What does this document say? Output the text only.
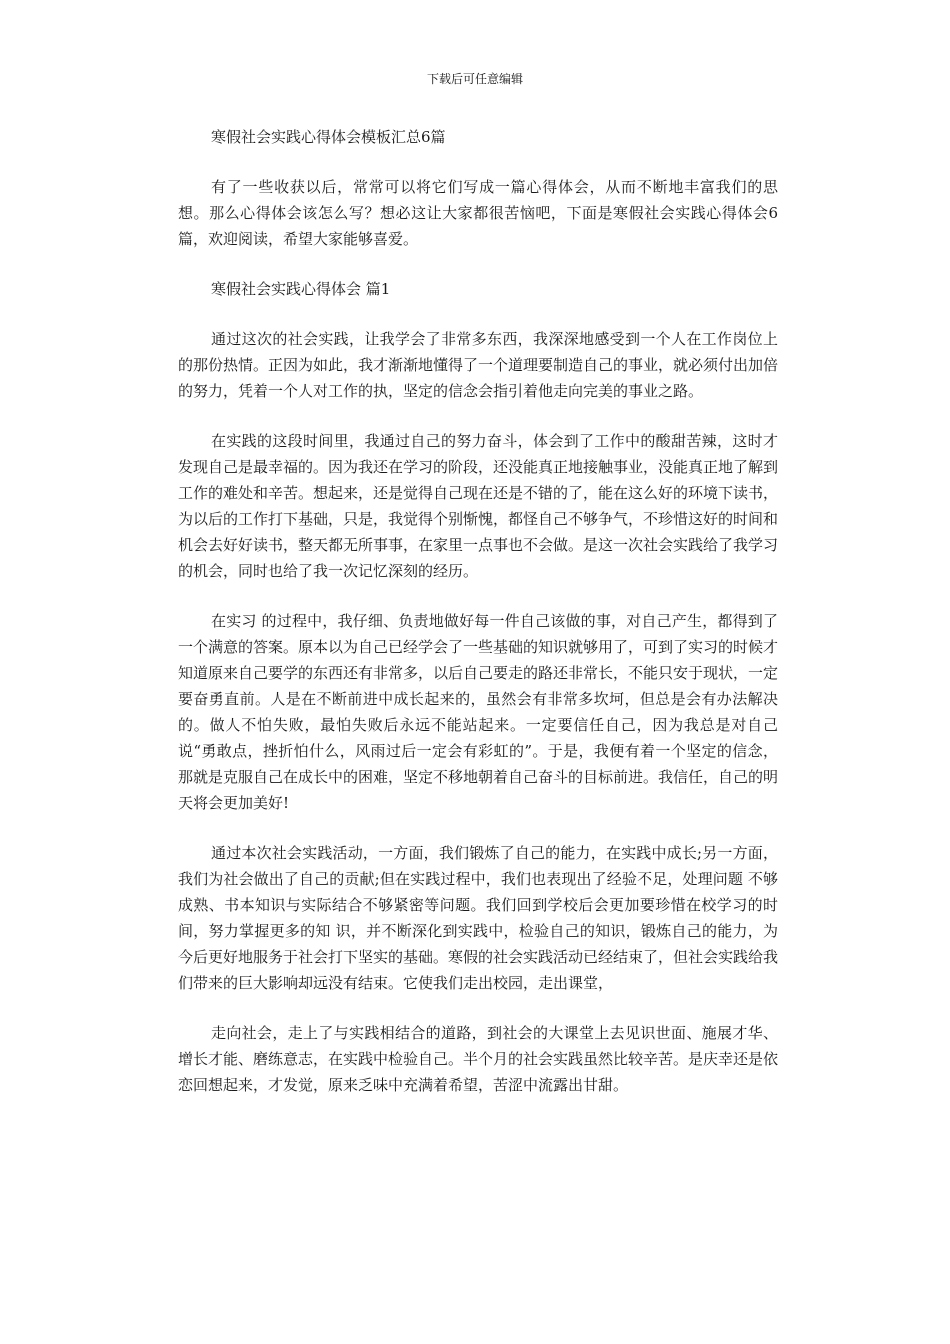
下载后可任意编辑
寒假社会实践心得体会模板汇总6篇
有了一些收获以后，常常可以将它们写成一篇心得体会，从而不断地丰富我们的思想。那么心得体会该怎么写？想必这让大家都很苦恼吧，下面是寒假社会实践心得体会6篇，欢迎阅读，希望大家能够喜爱。
寒假社会实践心得体会 篇1
通过这次的社会实践，让我学会了非常多东西，我深深地感受到一个人在工作岗位上的那份热情。正因为如此，我才渐渐地懂得了一个道理要制造自己的事业，就必须付出加倍的努力，凭着一个人对工作的执，坚定的信念会指引着他走向完美的事业之路。
在实践的这段时间里，我通过自己的努力奋斗，体会到了工作中的酸甜苦辣，这时才发现自己是最幸福的。因为我还在学习的阶段，还没能真正地接触事业，没能真正地了解到工作的难处和辛苦。想起来，还是觉得自己现在还是不错的了，能在这么好的环境下读书，为以后的工作打下基础，只是，我觉得个别惭愧，都怪自己不够争气，不珍惜这好的时间和机会去好好读书，整天都无所事事，在家里一点事也不会做。是这一次社会实践给了我学习的机会，同时也给了我一次记忆深刻的经历。
在实习 的过程中，我仔细、负责地做好每一件自己该做的事，对自己产生，都得到了一个满意的答案。原本以为自己已经学会了一些基础的知识就够用了，可到了实习的时候才知道原来自己要学的东西还有非常多，以后自己要走的路还非常长，不能只安于现状，一定要奋勇直前。人是在不断前进中成长起来的，虽然会有非常多坎坷，但总是会有办法解决的。做人不怕失败，最怕失败后永远不能站起来。一定要信任自己，因为我总是对自己说“勇敢点，挫折怕什么，风雨过后一定会有彩虹的”。于是，我便有着一个坚定的信念，那就是克服自己在成长中的困难，坚定不移地朝着自己奋斗的目标前进。我信任，自己的明天将会更加美好!
通过本次社会实践活动，一方面，我们锻炼了自己的能力，在实践中成长;另一方面，我们为社会做出了自己的贡献;但在实践过程中，我们也表现出了经验不足，处理问题 不够成熟、书本知识与实际结合不够紧密等问题。我们回到学校后会更加要珍惜在校学习的时间，努力掌握更多的知 识，并不断深化到实践中，检验自己的知识，锻炼自己的能力，为今后更好地服务于社会打下坚实的基础。寒假的社会实践活动已经结束了，但社会实践给我们带来的巨大影响却远没有结束。它使我们走出校园，走出课堂，
走向社会，走上了与实践相结合的道路，到社会的大课堂上去见识世面、施展才华、增长才能、磨练意志，在实践中检验自己。半个月的社会实践虽然比较辛苦。是庆幸还是依恋回想起来，才发觉，原来乏味中充满着希望，苦涩中流露出甘甜。
